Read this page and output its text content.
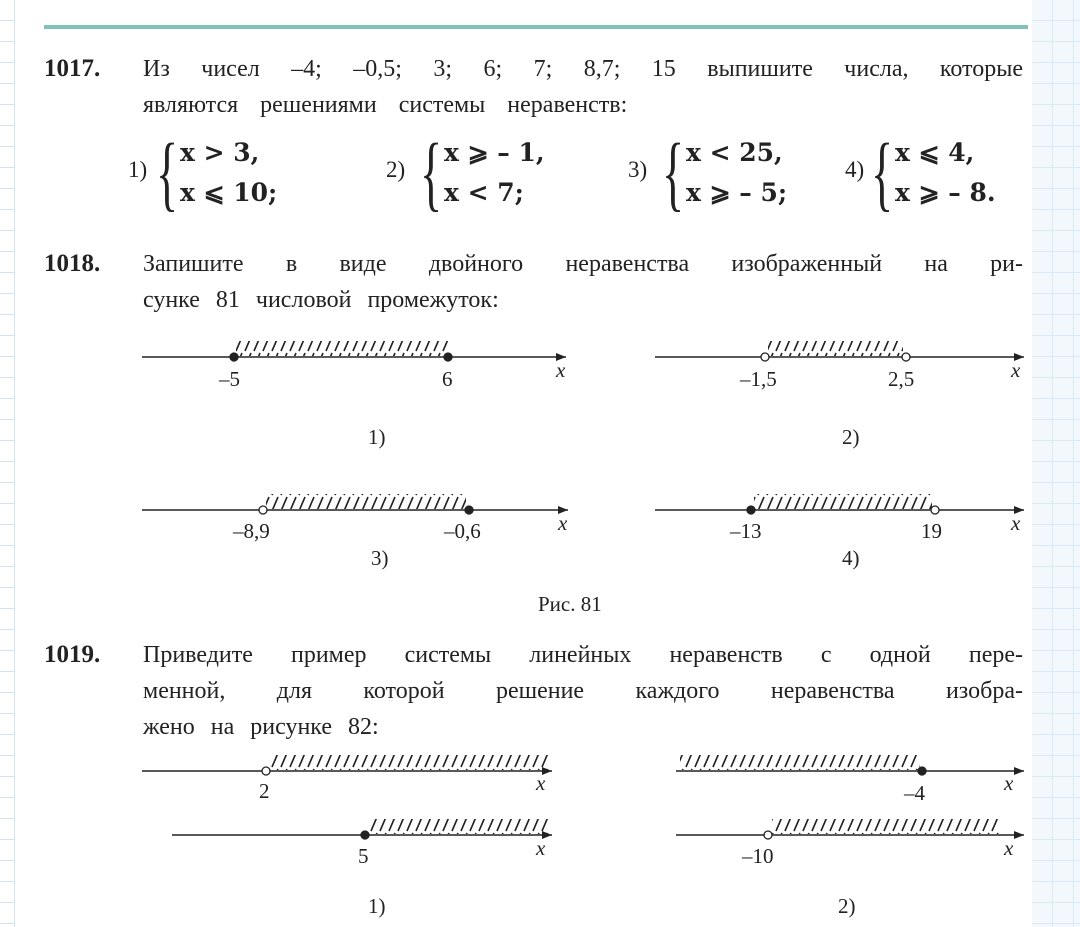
1017. Из чисел –4; –0,5; 3; 6; 7; 8,7; 15 выпишите числа, которые
являются решениями системы неравенств:
1) { x > 3,
x ⩽ 10;
2) { x ⩾ – 1,
x < 7;
3) { x < 25,
x ⩾ – 5;
4) { x ⩽ 4,
x ⩾ – 8.
1018. Запишите в виде двойного неравенства изображенный на ри-
сунке 81 числовой промежуток:
–5	6	x
1)
–1,5	2,5	x
2)
–8,9	–0,6	x
3)
–13	19	x
4)
Рис. 81
1019. Приведите пример системы линейных неравенств с одной пере-
менной, для которой решение каждого неравенства изобра-
жено на рисунке 82:
2	x
5	x
1)
–4	x
–10	x
2)
